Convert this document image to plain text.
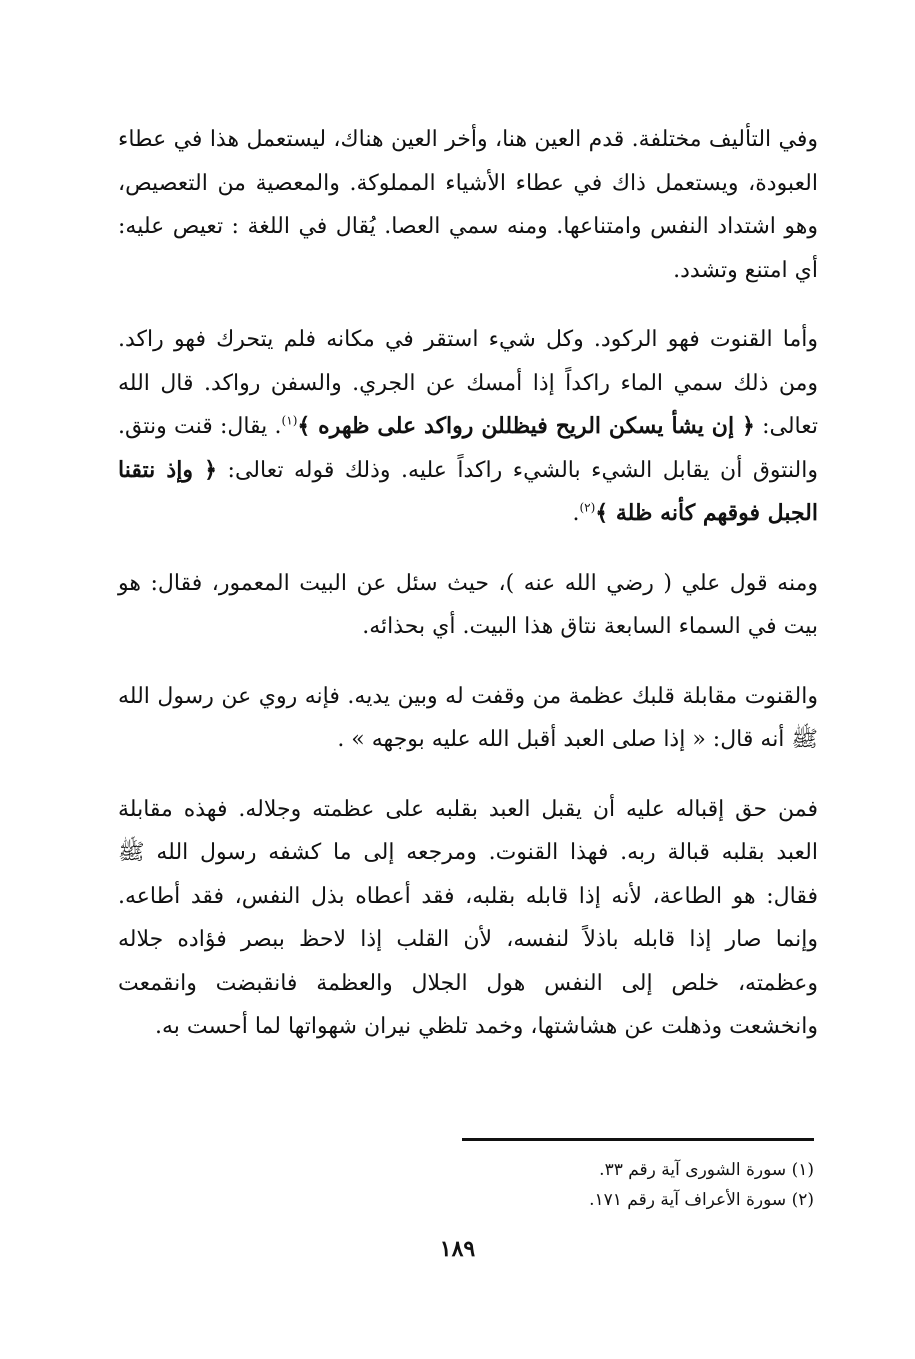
وفي التأليف مختلفة. قدم العين هنا، وأخر العين هناك، ليستعمل هذا في عطاء العبودة، ويستعمل ذاك في عطاء الأشياء المملوكة. والمعصية من التعصيص، وهو اشتداد النفس وامتناعها. ومنه سمي العصا. يُقال في اللغة : تعيص عليه: أي امتنع وتشدد.

وأما القنوت فهو الركود. وكل شيء استقر في مكانه فلم يتحرك فهو راكد. ومن ذلك سمي الماء راكداً إذا أمسك عن الجري. والسفن رواكد. قال الله تعالى: ﴿ إن يشأ يسكن الريح فيظللن رواكد على ظهره ﴾$^{(١)}$. يقال: قنت ونتق. والنتوق أن يقابل الشيء بالشيء راكداً عليه. وذلك قوله تعالى: ﴿ وإذ نتقنا الجبل فوقهم كأنه ظلة ﴾$^{(٢)}$.

ومنه قول علي ( رضي الله عنه )، حيث سئل عن البيت المعمور، فقال: هو بيت في السماء السابعة نتاق هذا البيت. أي بحذائه.

والقنوت مقابلة قلبك عظمة من وقفت له وبين يديه. فإنه روي عن رسول الله ﷺ أنه قال: « إذا صلى العبد أقبل الله عليه بوجهه » .

فمن حق إقباله عليه أن يقبل العبد بقلبه على عظمته وجلاله. فهذه مقابلة العبد بقلبه قبالة ربه. فهذا القنوت. ومرجعه إلى ما كشفه رسول الله ﷺ فقال: هو الطاعة، لأنه إذا قابله بقلبه، فقد أعطاه بذل النفس، فقد أطاعه. وإنما صار إذا قابله باذلاً لنفسه، لأن القلب إذا لاحظ ببصر فؤاده جلاله وعظمته، خلص إلى النفس هول الجلال والعظمة فانقبضت وانقمعت وانخشعت وذهلت عن هشاشتها، وخمد تلظي نيران شهواتها لما أحست به.

(١) سورة الشورى آية رقم ٣٣.

(٢) سورة الأعراف آية رقم ١٧١.

١٨٩
